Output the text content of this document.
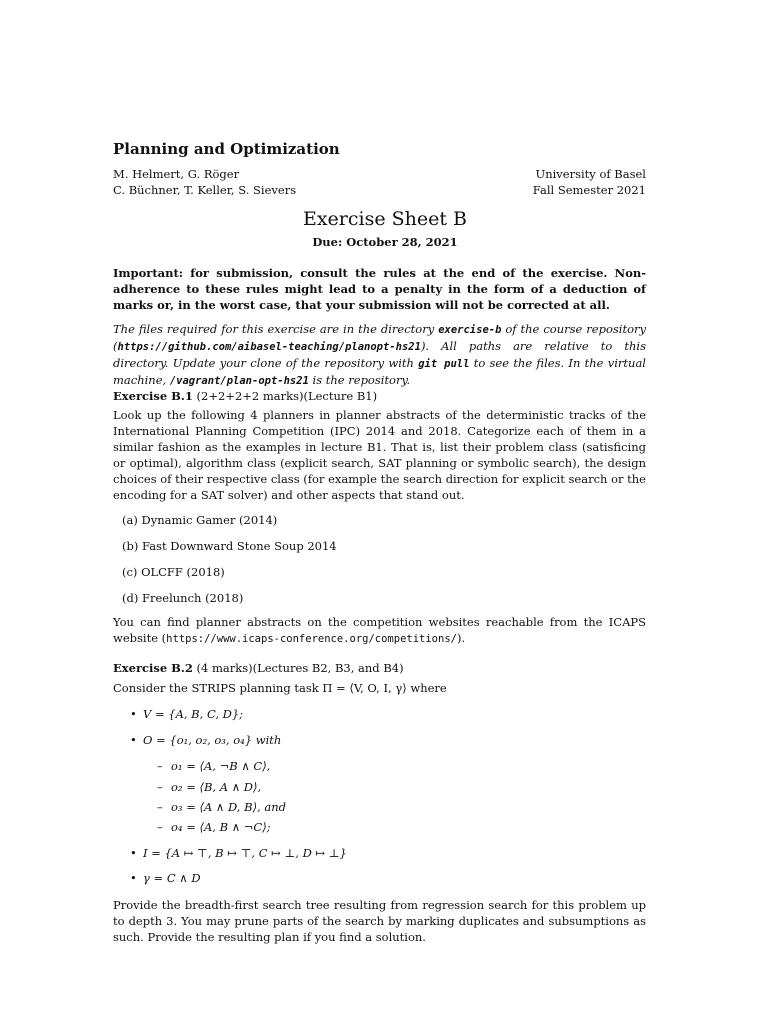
Planning and Optimization
M. Helmert, G. Röger
C. Büchner, T. Keller, S. Sievers
University of Basel
Fall Semester 2021
Exercise Sheet B
Due: October 28, 2021
Important: for submission, consult the rules at the end of the exercise. Non-adherence to these rules might lead to a penalty in the form of a deduction of marks or, in the worst case, that your submission will not be corrected at all.
The files required for this exercise are in the directory exercise-b of the course repository (https://github.com/aibasel-teaching/planopt-hs21). All paths are relative to this directory. Update your clone of the repository with git pull to see the files. In the virtual machine, /vagrant/plan-opt-hs21 is the repository.
Exercise B.1 (2+2+2+2 marks)(Lecture B1)
Look up the following 4 planners in planner abstracts of the deterministic tracks of the International Planning Competition (IPC) 2014 and 2018. Categorize each of them in a similar fashion as the examples in lecture B1. That is, list their problem class (satisficing or optimal), algorithm class (explicit search, SAT planning or symbolic search), the design choices of their respective class (for example the search direction for explicit search or the encoding for a SAT solver) and other aspects that stand out.
(a) Dynamic Gamer (2014)
(b) Fast Downward Stone Soup 2014
(c) OLCFF (2018)
(d) Freelunch (2018)
You can find planner abstracts on the competition websites reachable from the ICAPS website (https://www.icaps-conference.org/competitions/).
Exercise B.2 (4 marks)(Lectures B2, B3, and B4)
Consider the STRIPS planning task Π = ⟨V, O, I, γ⟩ where
• V = {A, B, C, D};
• O = {o₁, o₂, o₃, o₄} with
– o₁ = ⟨A, ¬B ∧ C⟩,
– o₂ = ⟨B, A ∧ D⟩,
– o₃ = ⟨A ∧ D, B⟩, and
– o₄ = ⟨A, B ∧ ¬C⟩;
• I = {A ↦ ⊤, B ↦ ⊤, C ↦ ⊥, D ↦ ⊥}
• γ = C ∧ D
Provide the breadth-first search tree resulting from regression search for this problem up to depth 3. You may prune parts of the search by marking duplicates and subsumptions as such. Provide the resulting plan if you find a solution.
